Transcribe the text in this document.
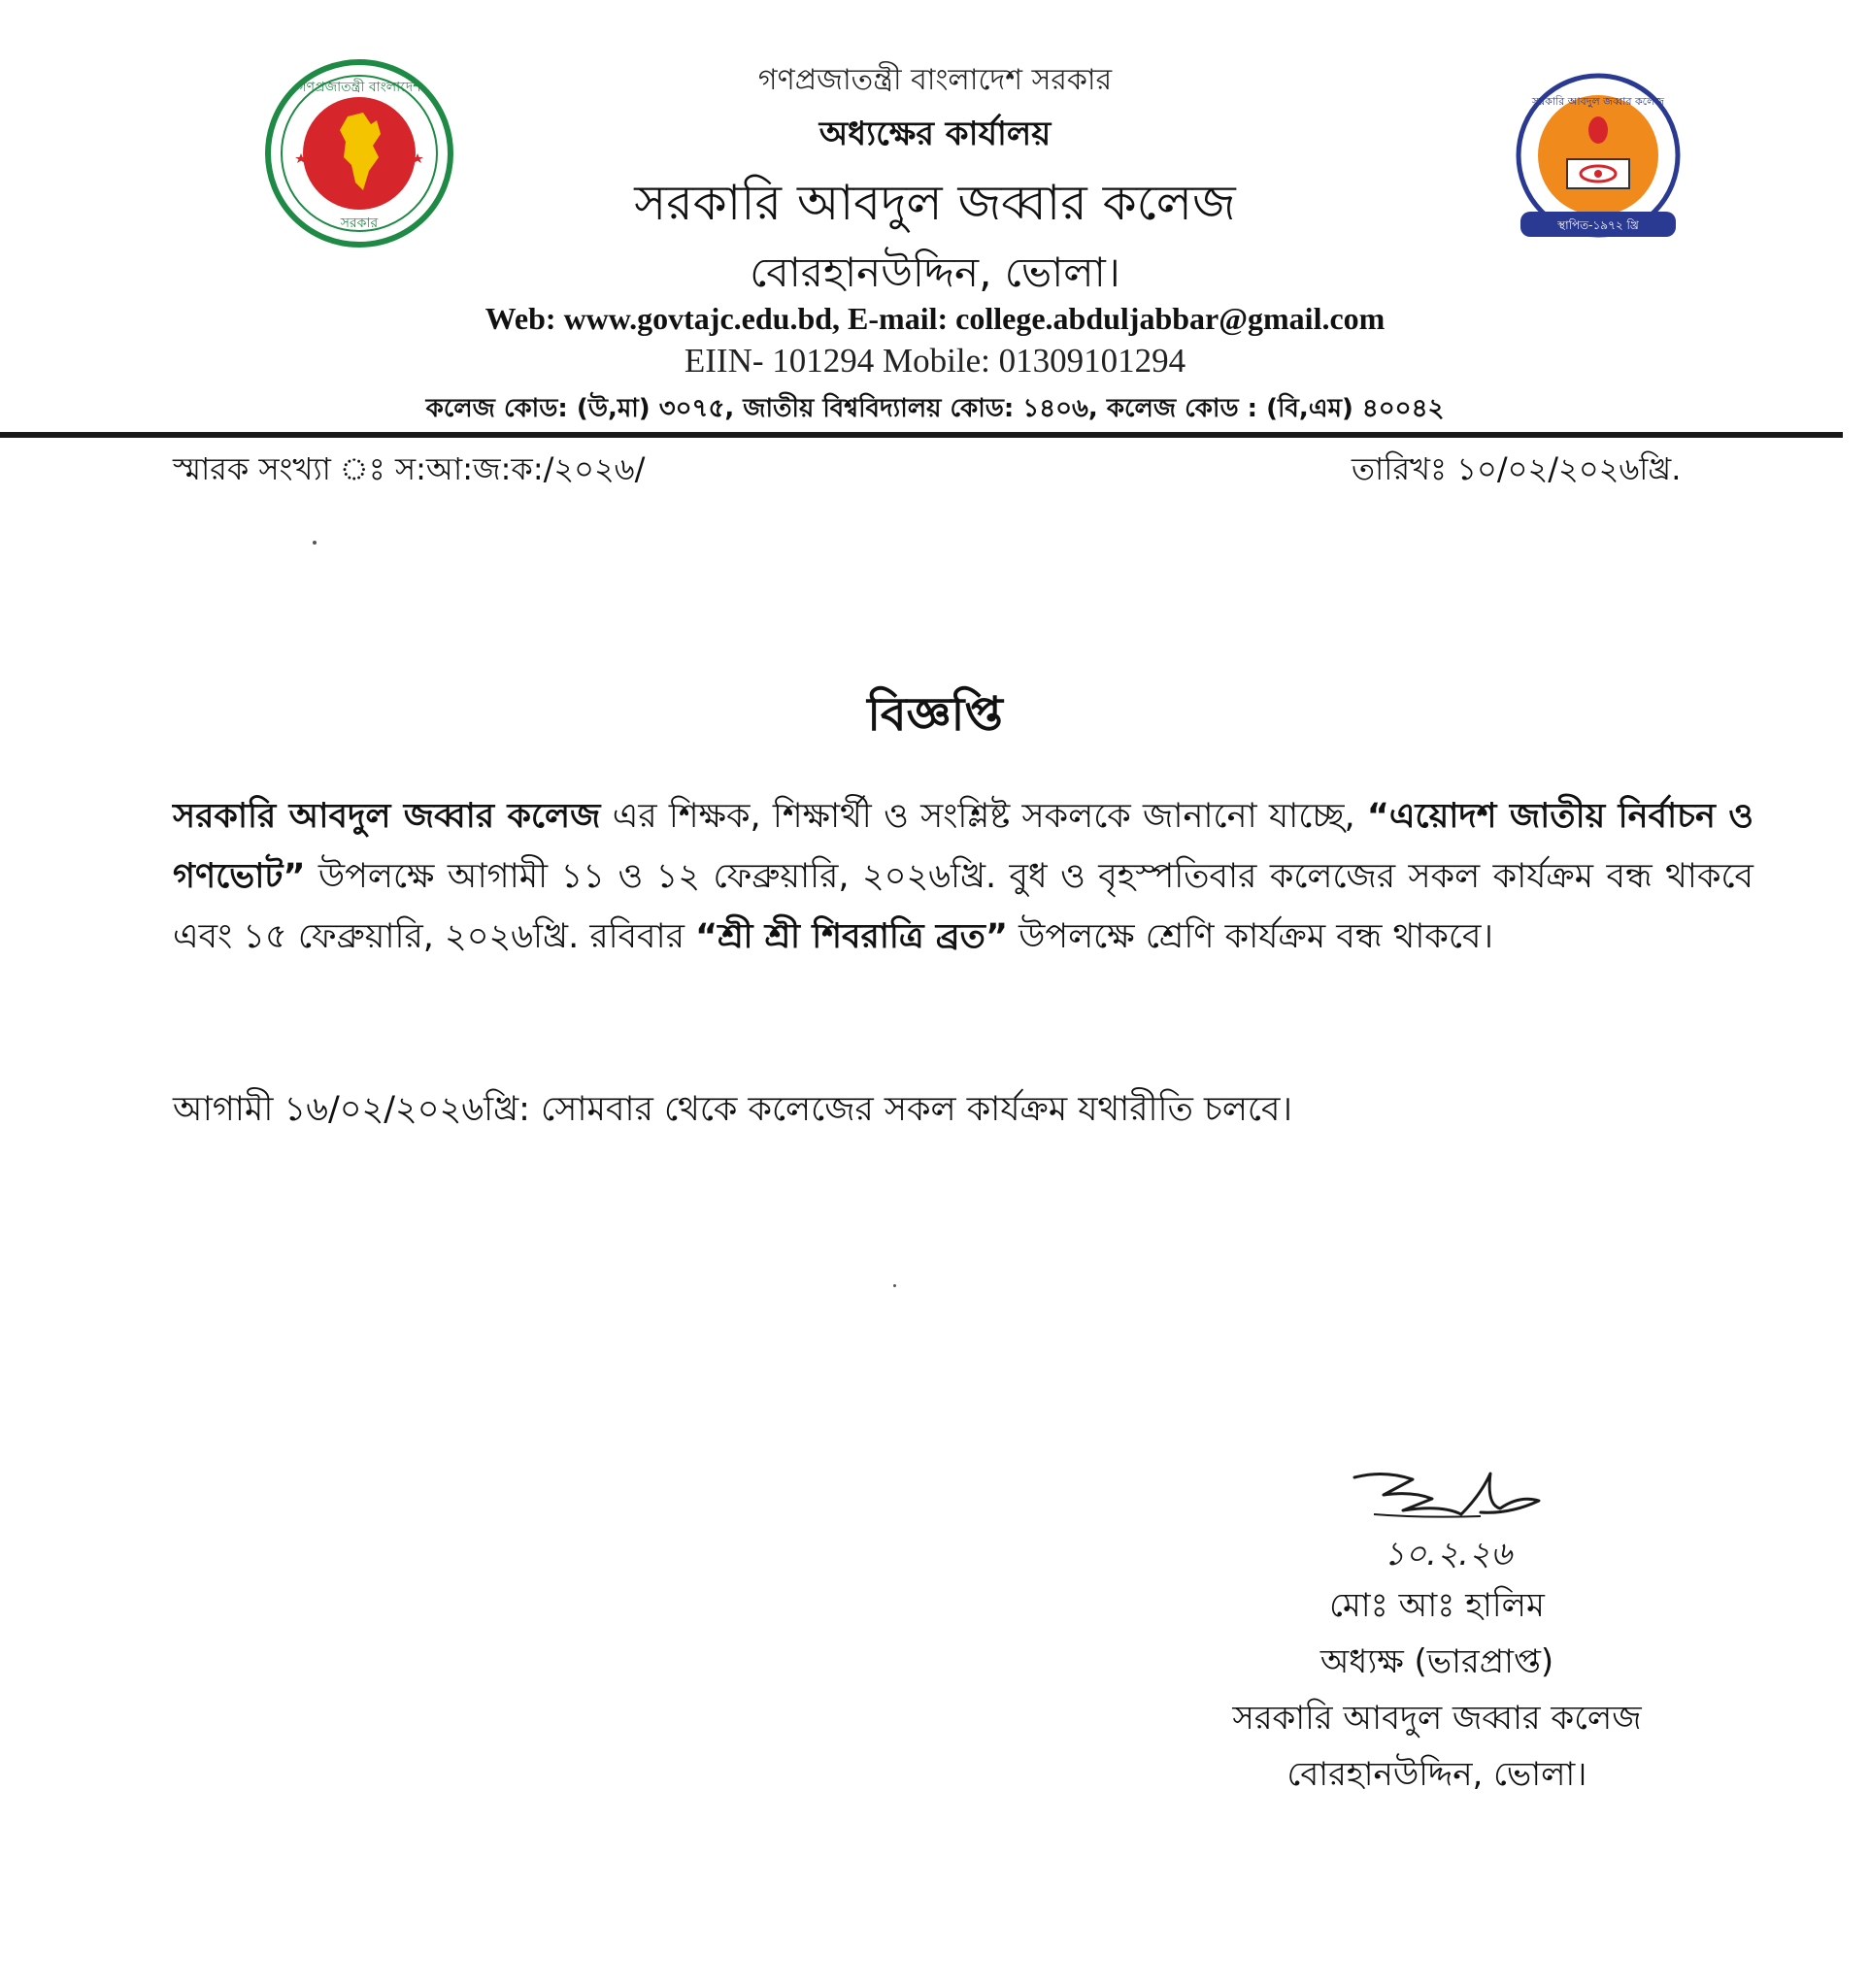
গণপ্রজাতন্ত্রী বাংলাদেশ
সরকার	স্থাপিত-১৯৭২ খ্রি
সরকারি আবদুল জব্বার কলেজ
গণপ্রজাতন্ত্রী বাংলাদেশ সরকার
অধ্যক্ষের কার্যালয়
সরকারি আবদুল জব্বার কলেজ
বোরহানউদ্দিন, ভোলা।
Web: www.govtajc.edu.bd, E-mail: college.abduljabbar@gmail.com
EIIN- 101294 Mobile: 01309101294
কলেজ কোড: (উ,মা) ৩০৭৫, জাতীয় বিশ্ববিদ্যালয় কোড: ১৪০৬, কলেজ কোড : (বি,এম) ৪০০৪২
স্মারক সংখ্যা ঃ স:আ:জ:ক:/২০২৬/	তারিখঃ ১০/০২/২০২৬খ্রি.
বিজ্ঞপ্তি
সরকারি আবদুল জব্বার কলেজ এর শিক্ষক, শিক্ষার্থী ও সংশ্লিষ্ট সকলকে জানানো যাচ্ছে, “এয়োদশ জাতীয় নির্বাচন ও গণভোট” উপলক্ষে আগামী ১১ ও ১২ ফেব্রুয়ারি, ২০২৬খ্রি. বুধ ও বৃহস্পতিবার কলেজের সকল কার্যক্রম বন্ধ থাকবে এবং ১৫ ফেব্রুয়ারি, ২০২৬খ্রি. রবিবার “শ্রী শ্রী শিবরাত্রি ব্রত” উপলক্ষে শ্রেণি কার্যক্রম বন্ধ থাকবে।
আগামী ১৬/০২/২০২৬খ্রি: সোমবার থেকে কলেজের সকল কার্যক্রম যথারীতি চলবে।
১০.২.২৬
মোঃ আঃ হালিম
অধ্যক্ষ (ভারপ্রাপ্ত)
সরকারি আবদুল জব্বার কলেজ
বোরহানউদ্দিন, ভোলা।
